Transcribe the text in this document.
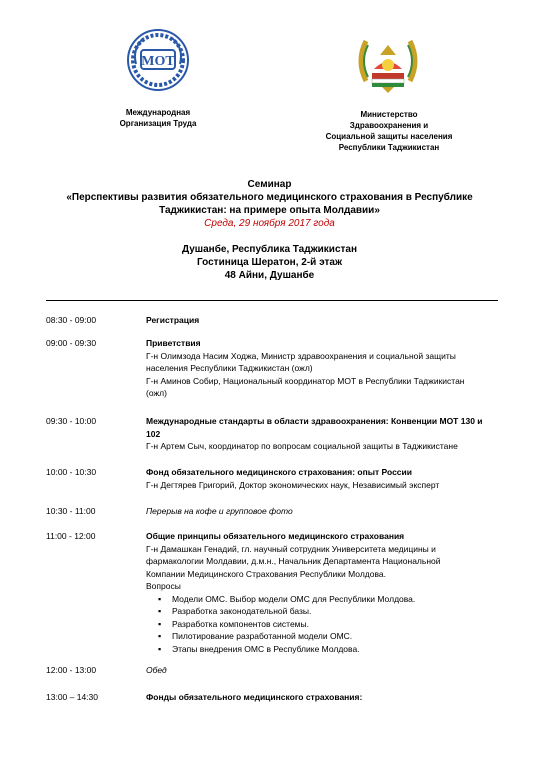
МОТ
Международная
Организация Труда
Министерство
Здравоохранения и
Социальной защиты населения
Республики Таджикистан
Семинар
«Перспективы развития обязательного медицинского страхования в Республике
Таджикистан: на примере опыта Молдавии»
Среда, 29 ноября 2017 года
Душанбе, Республика Таджикистан
Гостиница Шератон, 2-й этаж
48 Айни, Душанбе
08:30 - 09:00	Регистрация
09:00 - 09:30	Приветствия
Г-н Олимзода Насим Ходжа, Министр здравоохранения и социальной защиты
населения Республики Таджикистан (ожл)
Г-н Аминов Собир, Национальный координатор МОТ в Республики Таджикистан
(ожл)
09:30 - 10:00	Международные стандарты в области здравоохранения: Конвенции МОТ 130 и
102
Г-н Артем Сыч, координатор по вопросам социальной защиты в Таджикистане
10:00 - 10:30	Фонд обязательного медицинского страхования: опыт России
Г-н Дегтярев Григорий, Доктор экономических наук, Независимый эксперт
10:30 - 11:00	Перерыв на кофе и групповое фото
11:00 - 12:00	Общие принципы обязательного медицинского страхования
Г-н Дамашкан Генадий, гл. научный сотрудник Университета медицины и
фармакологии Молдавии, д.м.н., Начальник Департамента Национальной
Компании Медицинского Страхования Республики Молдова.
Вопросы
▪ Модели ОМС. Выбор модели ОМС для Республики Молдова.
▪ Разработка законодательной базы.
▪ Разработка компонентов системы.
▪ Пилотирование разработанной модели ОМС.
▪ Этапы внедрения ОМС в Республике Молдова.
12:00 - 13:00	Обед
13:00 – 14:30	Фонды обязательного медицинского страхования:
